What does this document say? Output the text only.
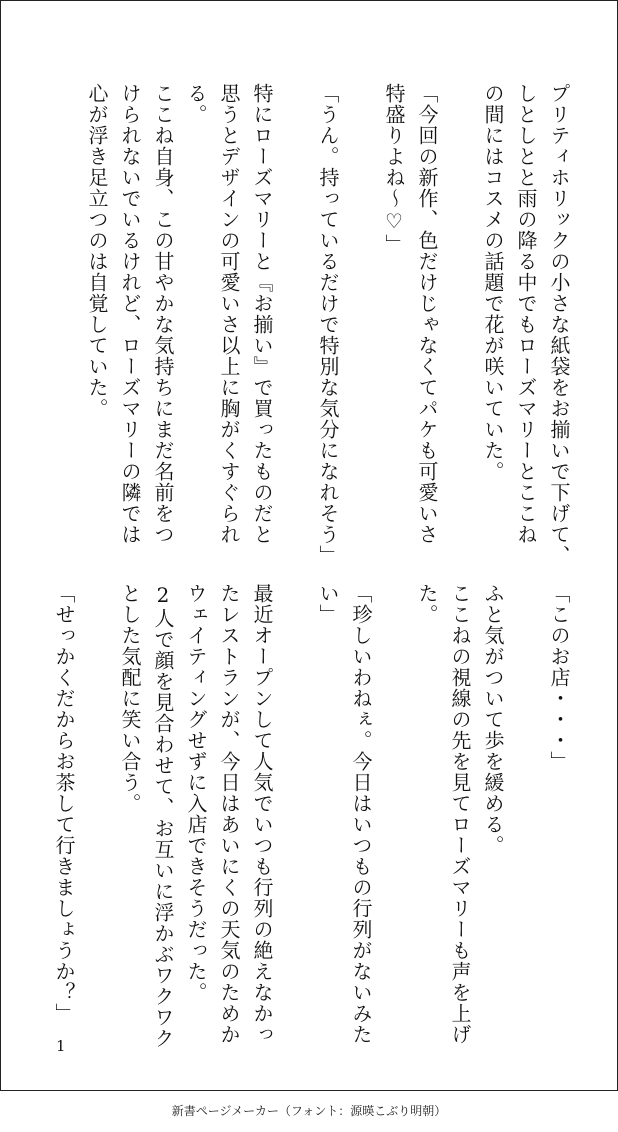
プリティホリックの小さな紙袋をお揃いで下げて、
しとしとと雨の降る中でもローズマリーとここね
の間にはコスメの話題で花が咲いていた。

「今回の新作、色だけじゃなくてパケも可愛いさ
特盛りよね〜♡」

「うん。持っているだけで特別な気分になれそう」

特にローズマリーと『お揃い』で買ったものだと
思うとデザインの可愛いさ以上に胸がくすぐられ
る。

ここね自身、この甘やかな気持ちにまだ名前をつ
けられないでいるけれど、ローズマリーの隣では
心が浮き足立つのは自覚していた。

「このお店・・・」

ふと気がついて歩を緩める。
ここねの視線の先を見てローズマリーも声を上げ
た。

「珍しいわねぇ。今日はいつもの行列がないみた
い」

最近オープンして人気でいつも行列の絶えなかっ
たレストランが、今日はあいにくの天気のためか
ウェイティングせずに入店できそうだった。
2人で顔を見合わせて、お互いに浮かぶワクワク
とした気配に笑い合う。

「せっかくだからお茶して行きましょうか？」

1
新書ページメーカー（フォント：源暎こぶり明朝）
